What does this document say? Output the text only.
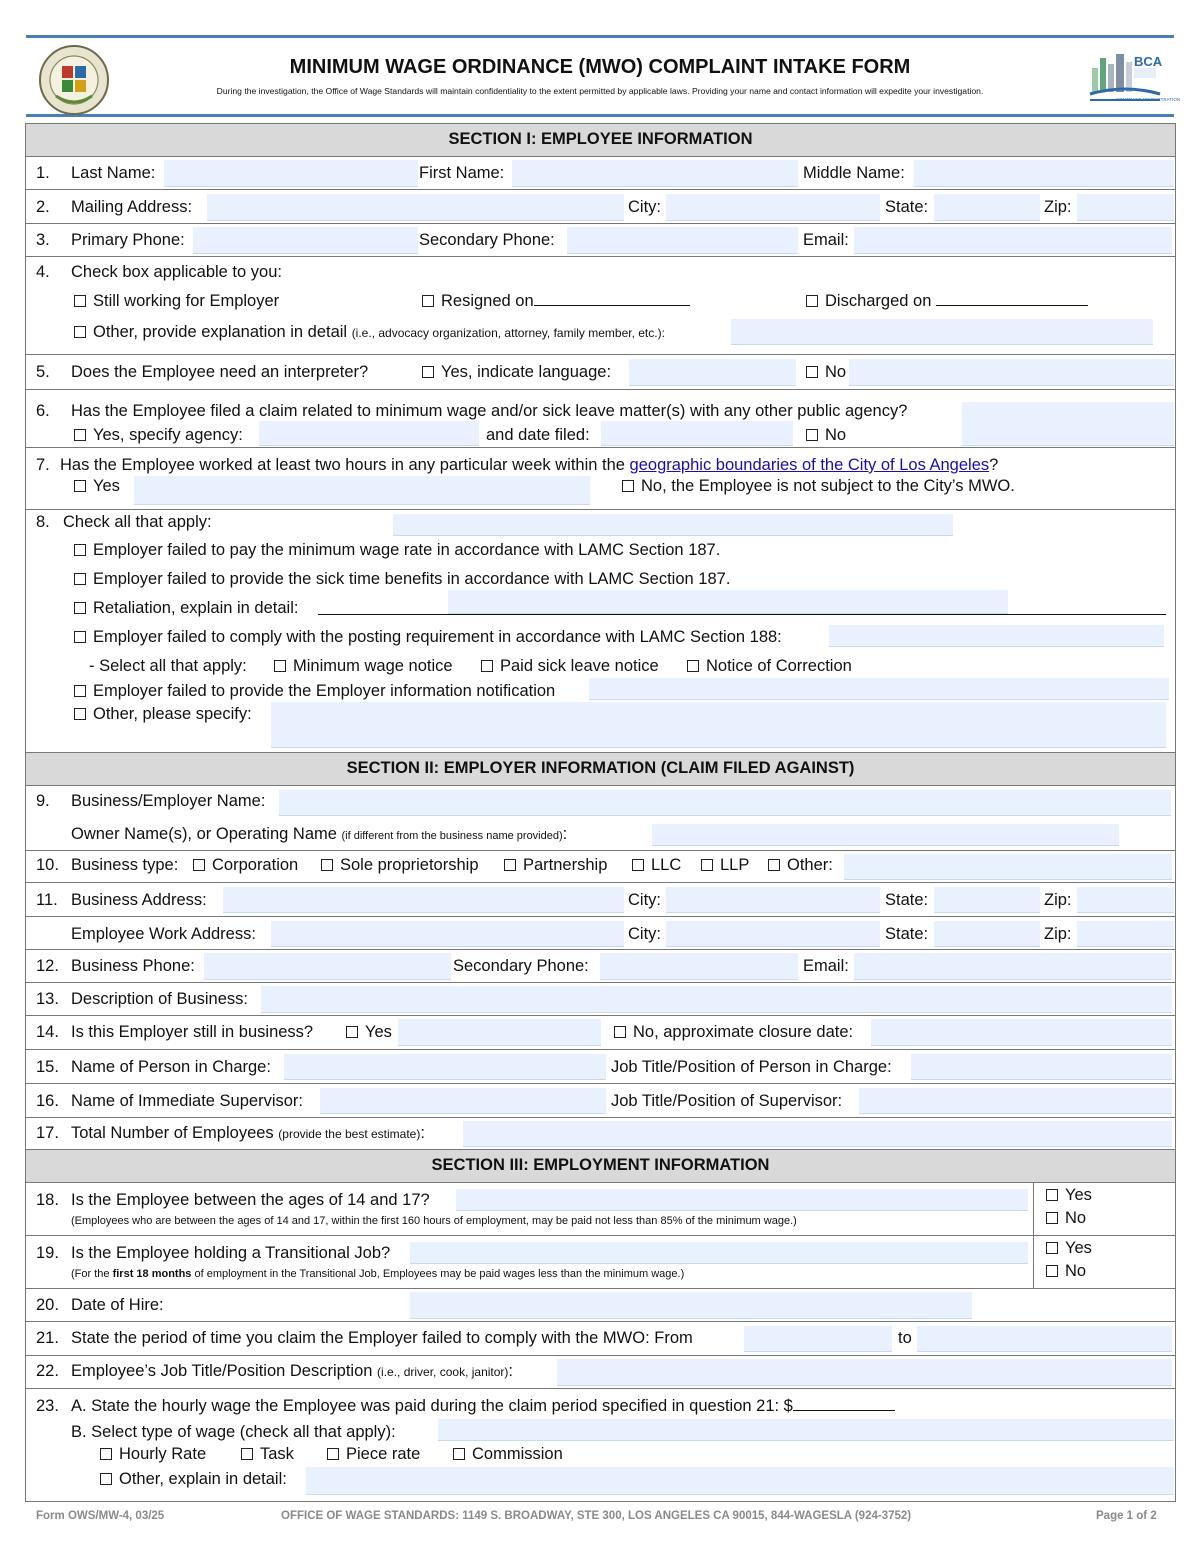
BCA
CONTRACT ADMINISTRATION
MINIMUM WAGE ORDINANCE (MWO) COMPLAINT INTAKE FORM
During the investigation, the Office of Wage Standards will maintain confidentiality to the extent permitted by applicable laws. Providing your name and contact information will expedite your investigation.
SECTION I: EMPLOYEE INFORMATION
1. Last Name:	First Name:	Middle Name:
2. Mailing Address:	City:	State:	Zip:
3. Primary Phone:	Secondary Phone:	Email:
4. Check box applicable to you:
Still working for Employer	Resigned on	Discharged on
Other, provide explanation in detail (i.e., advocacy organization, attorney, family member, etc.):
5. Does the Employee need an interpreter?	Yes, indicate language:	No
6. Has the Employee filed a claim related to minimum wage and/or sick leave matter(s) with any other public agency?
Yes, specify agency:	and date filed:	No
7. Has the Employee worked at least two hours in any particular week within the geographic boundaries of the City of Los Angeles?
Yes	No, the Employee is not subject to the City’s MWO.
8. Check all that apply:
Employer failed to pay the minimum wage rate in accordance with LAMC Section 187.
Employer failed to provide the sick time benefits in accordance with LAMC Section 187.
Retaliation, explain in detail:
Employer failed to comply with the posting requirement in accordance with LAMC Section 188:
- Select all that apply:	Minimum wage notice	Paid sick leave notice	Notice of Correction
Employer failed to provide the Employer information notification
Other, please specify:
SECTION II: EMPLOYER INFORMATION (CLAIM FILED AGAINST)
9. Business/Employer Name:
Owner Name(s), or Operating Name (if different from the business name provided):
10. Business type:	Corporation	Sole proprietorship	Partnership	LLC	LLP	Other:
11. Business Address:	City:	State:	Zip:
Employee Work Address:	City:	State:	Zip:
12. Business Phone:	Secondary Phone:	Email:
13. Description of Business:
14. Is this Employer still in business?	Yes	No, approximate closure date:
15. Name of Person in Charge:	Job Title/Position of Person in Charge:
16. Name of Immediate Supervisor:	Job Title/Position of Supervisor:
17. Total Number of Employees (provide the best estimate):
SECTION III: EMPLOYMENT INFORMATION
18. Is the Employee between the ages of 14 and 17?
(Employees who are between the ages of 14 and 17, within the first 160 hours of employment, may be paid not less than 85% of the minimum wage.)
Yes
No
19. Is the Employee holding a Transitional Job?
(For the first 18 months of employment in the Transitional Job, Employees may be paid wages less than the minimum wage.)
Yes
No
20. Date of Hire:
21. State the period of time you claim the Employer failed to comply with the MWO: From	to
22. Employee’s Job Title/Position Description (i.e., driver, cook, janitor):
23. A. State the hourly wage the Employee was paid during the claim period specified in question 21: $
B. Select type of wage (check all that apply):
Hourly Rate	Task	Piece rate	Commission
Other, explain in detail:
Form OWS/MW-4, 03/25	OFFICE OF WAGE STANDARDS: 1149 S. BROADWAY, STE 300, LOS ANGELES CA 90015, 844-WAGESLA (924-3752)	Page 1 of 2
